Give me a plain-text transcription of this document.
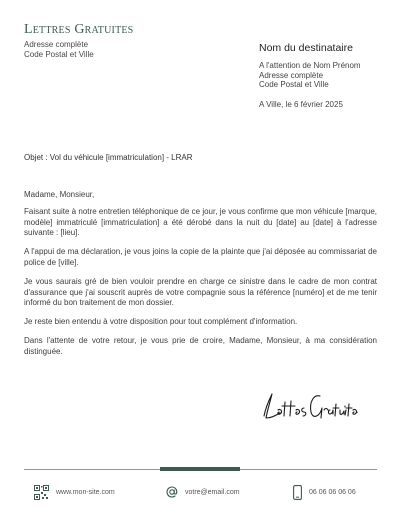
Lettres Gratuites
Adresse complète
Code Postal et Ville
Nom du destinataire
A l'attention de Nom Prénom
Adresse complète
Code Postal et Ville
A Ville, le 6 février 2025
Objet : Vol du véhicule [immatriculation] - LRAR

Madame, Monsieur,

Faisant suite à notre entretien téléphonique de ce jour, je vous confirme que mon véhicule [marque, modèle] immatriculé [immatriculation] a été dérobé dans la nuit du [date] au [date] à l'adresse suivante : [lieu].

A l'appui de ma déclaration, je vous joins la copie de la plainte que j'ai déposée au commissariat de police de [ville].

Je vous saurais gré de bien vouloir prendre en charge ce sinistre dans le cadre de mon contrat d'assurance que j'ai souscrit auprès de votre compagnie sous la référence [numéro] et de me tenir informé du bon traitement de mon dossier.

Je reste bien entendu à votre disposition pour tout complément d'information.

Dans l'attente de votre retour, je vous prie de croire, Madame, Monsieur, à ma considération distinguée.

www.mon-site.com	votre@email.com	06 06 06 06 06
